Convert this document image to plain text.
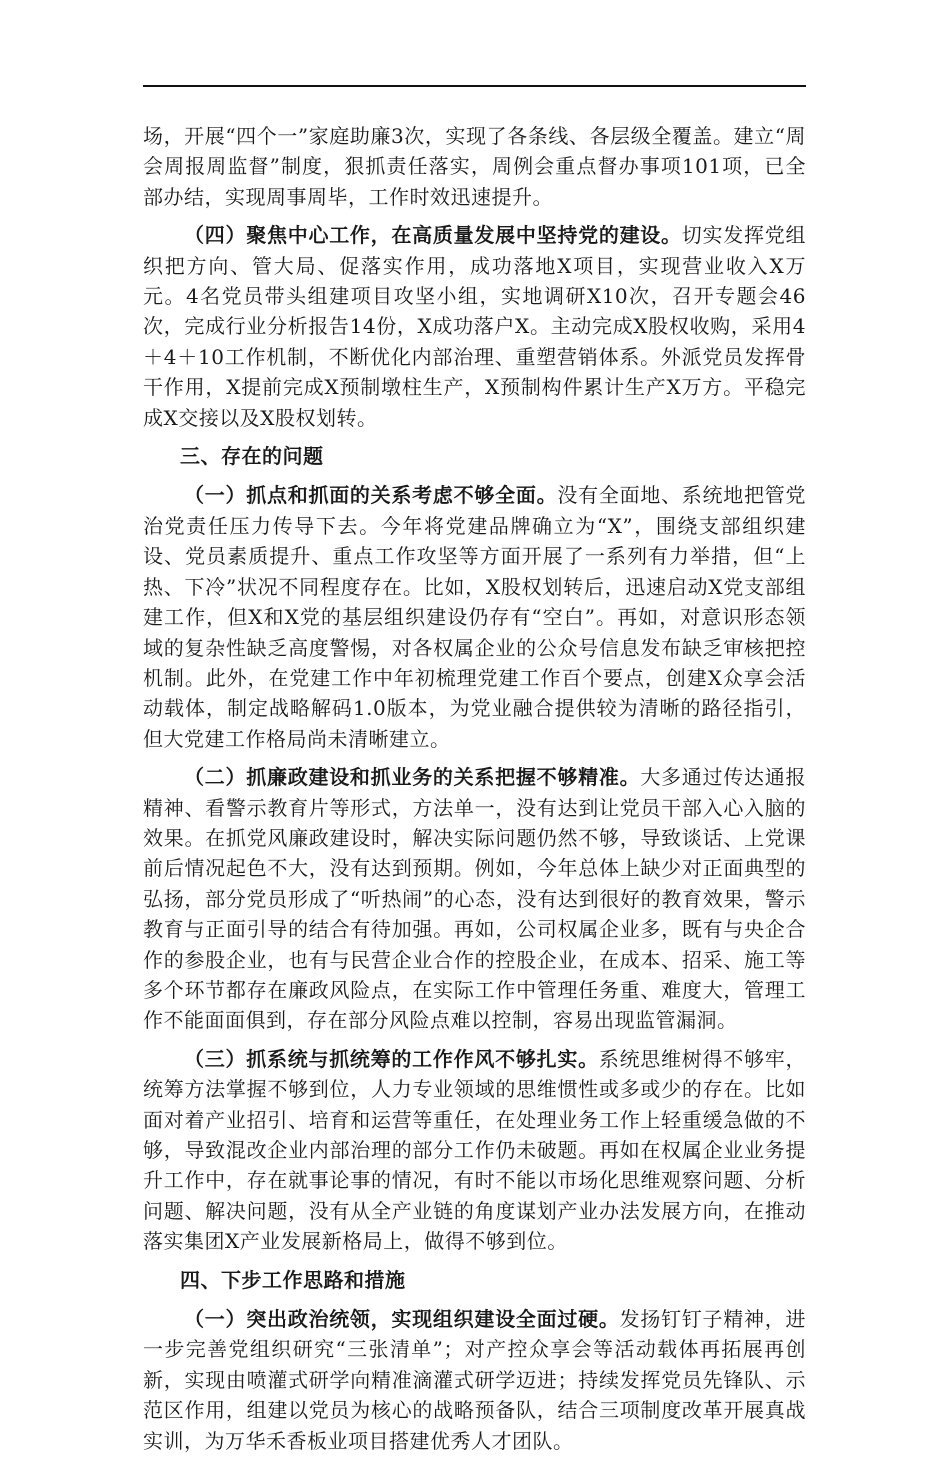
场，开展“四个一”家庭助廉3次，实现了各条线、各层级全覆盖。建立“周会周报周监督”制度，狠抓责任落实，周例会重点督办事项101项，已全部办结，实现周事周毕，工作时效迅速提升。

（四）聚焦中心工作，在高质量发展中坚持党的建设。切实发挥党组织把方向、管大局、促落实作用，成功落地X项目，实现营业收入X万元。4名党员带头组建项目攻坚小组，实地调研X10次，召开专题会46次，完成行业分析报告14份，X成功落户X。主动完成X股权收购，采用4＋4＋10工作机制，不断优化内部治理、重塑营销体系。外派党员发挥骨干作用，X提前完成X预制墩柱生产，X预制构件累计生产X万方。平稳完成X交接以及X股权划转。

三、存在的问题

（一）抓点和抓面的关系考虑不够全面。没有全面地、系统地把管党治党责任压力传导下去。今年将党建品牌确立为“X”，围绕支部组织建设、党员素质提升、重点工作攻坚等方面开展了一系列有力举措，但“上热、下冷”状况不同程度存在。比如，X股权划转后，迅速启动X党支部组建工作，但X和X党的基层组织建设仍存有“空白”。再如，对意识形态领域的复杂性缺乏高度警惕，对各权属企业的公众号信息发布缺乏审核把控机制。此外，在党建工作中年初梳理党建工作百个要点，创建X众享会活动载体，制定战略解码1.0版本，为党业融合提供较为清晰的路径指引，但大党建工作格局尚未清晰建立。

（二）抓廉政建设和抓业务的关系把握不够精准。大多通过传达通报精神、看警示教育片等形式，方法单一，没有达到让党员干部入心入脑的效果。在抓党风廉政建设时，解决实际问题仍然不够，导致谈话、上党课前后情况起色不大，没有达到预期。例如，今年总体上缺少对正面典型的弘扬，部分党员形成了“听热闹”的心态，没有达到很好的教育效果，警示教育与正面引导的结合有待加强。再如，公司权属企业多，既有与央企合作的参股企业，也有与民营企业合作的控股企业，在成本、招采、施工等多个环节都存在廉政风险点，在实际工作中管理任务重、难度大，管理工作不能面面俱到，存在部分风险点难以控制，容易出现监管漏洞。

（三）抓系统与抓统筹的工作作风不够扎实。系统思维树得不够牢，统筹方法掌握不够到位，人力专业领域的思维惯性或多或少的存在。比如面对着产业招引、培育和运营等重任，在处理业务工作上轻重缓急做的不够，导致混改企业内部治理的部分工作仍未破题。再如在权属企业业务提升工作中，存在就事论事的情况，有时不能以市场化思维观察问题、分析问题、解决问题，没有从全产业链的角度谋划产业办法发展方向，在推动落实集团X产业发展新格局上，做得不够到位。

四、下步工作思路和措施

（一）突出政治统领，实现组织建设全面过硬。发扬钉钉子精神，进一步完善党组织研究“三张清单”；对产控众享会等活动载体再拓展再创新，实现由喷灌式研学向精准滴灌式研学迈进；持续发挥党员先锋队、示范区作用，组建以党员为核心的战略预备队，结合三项制度改革开展真战实训，为万华禾香板业项目搭建优秀人才团队。
